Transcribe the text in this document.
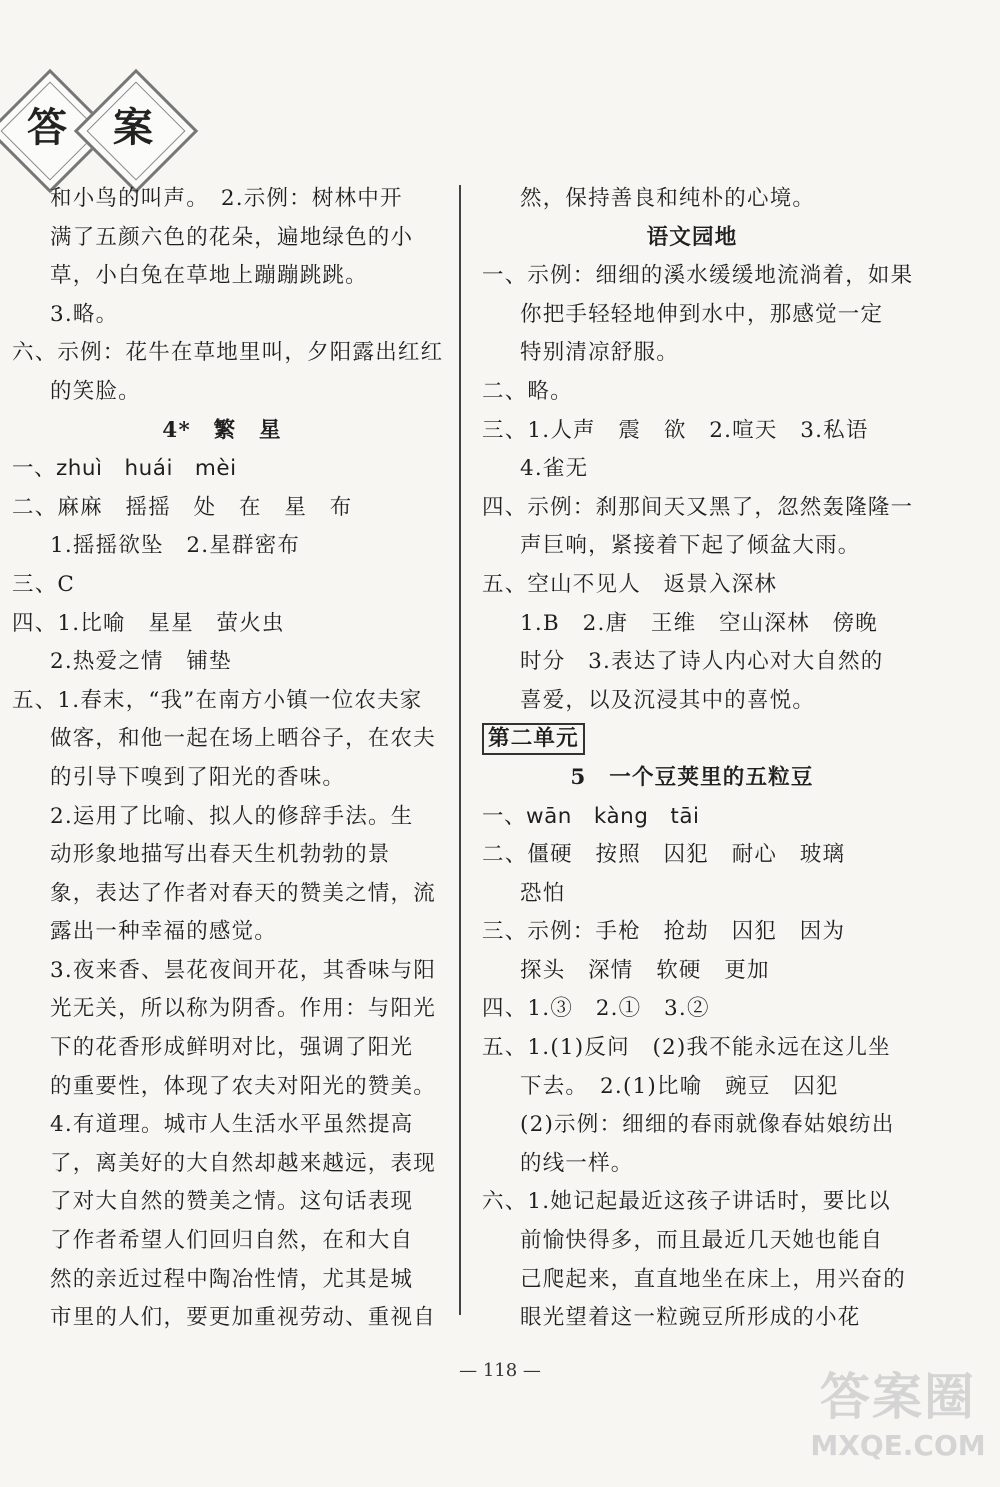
答	案
和小鸟的叫声。　2.示例：树林中开
满了五颜六色的花朵，遍地绿色的小
草，小白兔在草地上蹦蹦跳跳。
3.略。
六、示例：花牛在草地里叫，夕阳露出红红
的笑脸。
4*　繁　星
一、zhuì　huái　mèi
二、麻麻　摇摇　处　在　星　布
1.摇摇欲坠　2.星群密布
三、C
四、1.比喻　星星　萤火虫
2.热爱之情　铺垫
五、1.春末，“我”在南方小镇一位农夫家
做客，和他一起在场上晒谷子，在农夫
的引导下嗅到了阳光的香味。
2.运用了比喻、拟人的修辞手法。生
动形象地描写出春天生机勃勃的景
象，表达了作者对春天的赞美之情，流
露出一种幸福的感觉。
3.夜来香、昙花夜间开花，其香味与阳
光无关，所以称为阴香。作用：与阳光
下的花香形成鲜明对比，强调了阳光
的重要性，体现了农夫对阳光的赞美。
4.有道理。城市人生活水平虽然提高
了，离美好的大自然却越来越远，表现
了对大自然的赞美之情。这句话表现
了作者希望人们回归自然，在和大自
然的亲近过程中陶冶性情，尤其是城
市里的人们，要更加重视劳动、重视自
然，保持善良和纯朴的心境。
语文园地
一、示例：细细的溪水缓缓地流淌着，如果
你把手轻轻地伸到水中，那感觉一定
特别清凉舒服。
二、略。
三、1.人声　震　欲　2.喧天　3.私语
4.雀无
四、示例：刹那间天又黑了，忽然轰隆隆一
声巨响，紧接着下起了倾盆大雨。
五、空山不见人　返景入深林
1.B　2.唐　王维　空山深林　傍晚
时分　3.表达了诗人内心对大自然的
喜爱，以及沉浸其中的喜悦。
第二单元
5　一个豆荚里的五粒豆
一、wān　kàng　tāi
二、僵硬　按照　囚犯　耐心　玻璃
恐怕
三、示例：手枪　抢劫　囚犯　因为
探头　深情　软硬　更加
四、1.③　2.①　3.②
五、1.(1)反问　(2)我不能永远在这儿坐
下去。　2.(1)比喻　豌豆　囚犯
(2)示例：细细的春雨就像春姑娘纺出
的线一样。
六、1.她记起最近这孩子讲话时，要比以
前愉快得多，而且最近几天她也能自
己爬起来，直直地坐在床上，用兴奋的
眼光望着这一粒豌豆所形成的小花
— 118 —	答案圈
MXQE.COM
